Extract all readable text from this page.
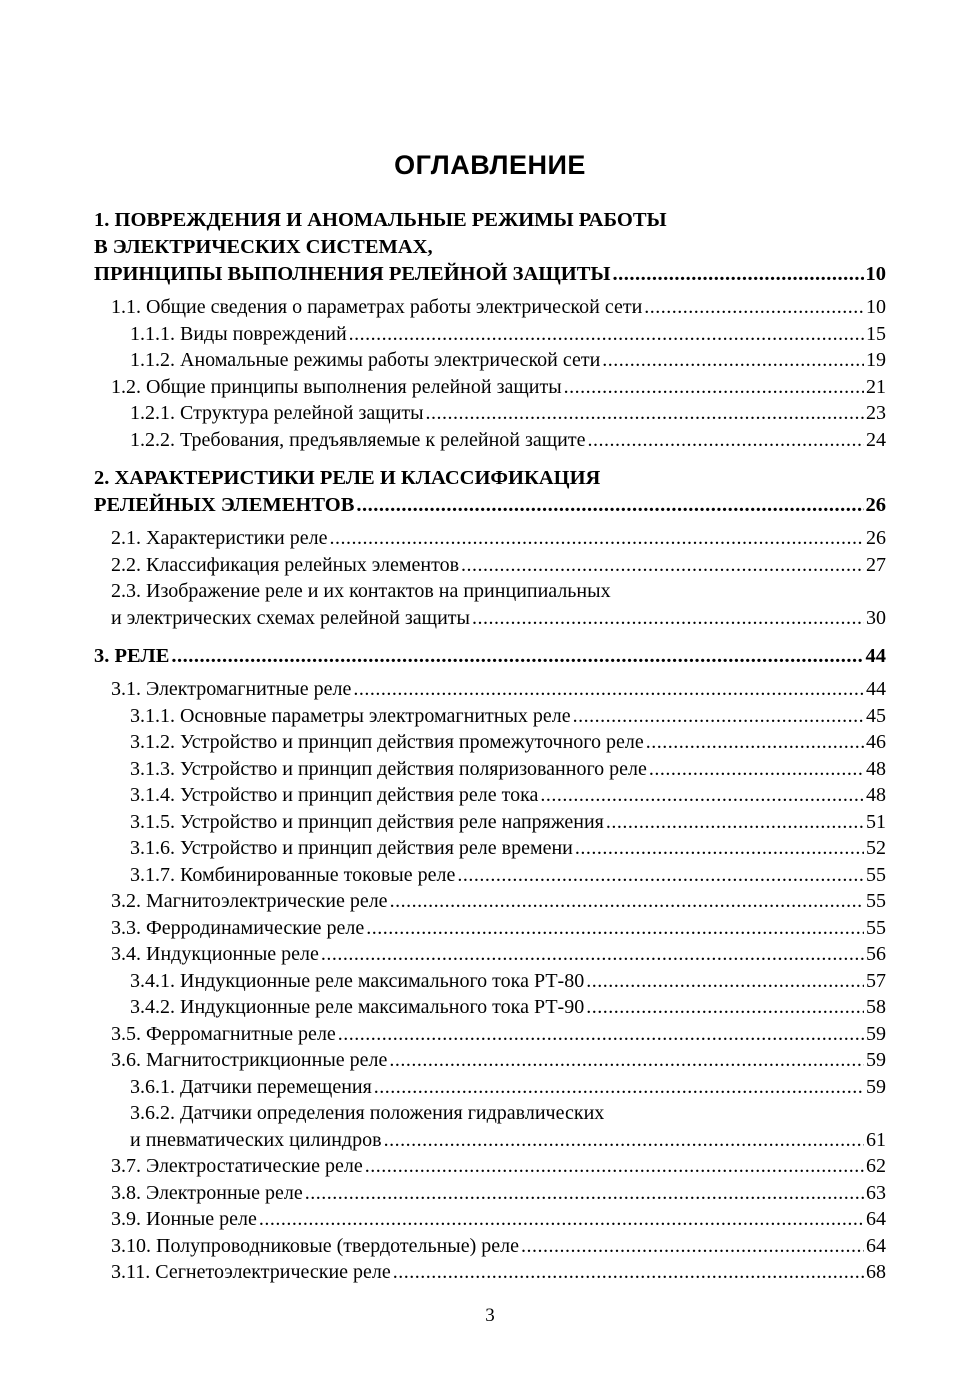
ОГЛАВЛЕНИЕ
1. ПОВРЕЖДЕНИЯ И АНОМАЛЬНЫЕ РЕЖИМЫ РАБОТЫ
В ЭЛЕКТРИЧЕСКИХ СИСТЕМАХ,
ПРИНЦИПЫ ВЫПОЛНЕНИЯ РЕЛЕЙНОЙ ЗАЩИТЫ .....	10
1.1. Общие сведения о параметрах работы электрической сети .....	10
1.1.1. Виды повреждений .....	15
1.1.2. Аномальные режимы работы электрической сети .....	19
1.2. Общие принципы выполнения релейной защиты .....	21
1.2.1. Структура релейной защиты .....	23
1.2.2. Требования, предъявляемые к релейной защите .....	24
2. ХАРАКТЕРИСТИКИ РЕЛЕ И КЛАССИФИКАЦИЯ
РЕЛЕЙНЫХ ЭЛЕМЕНТОВ .....	26
2.1. Характеристики реле .....	26
2.2. Классификация релейных элементов .....	27
2.3. Изображение реле и их контактов на принципиальных
и электрических схемах релейной защиты .....	30
3. РЕЛЕ .....	44
3.1. Электромагнитные реле .....	44
3.1.1. Основные параметры электромагнитных реле .....	45
3.1.2. Устройство и принцип действия промежуточного реле .....	46
3.1.3. Устройство и принцип действия поляризованного реле .....	48
3.1.4. Устройство и принцип действия реле тока .....	48
3.1.5. Устройство и принцип действия реле напряжения .....	51
3.1.6. Устройство и принцип действия реле времени .....	52
3.1.7. Комбинированные токовые реле .....	55
3.2. Магнитоэлектрические реле .....	55
3.3. Ферродинамические реле .....	55
3.4. Индукционные реле .....	56
3.4.1. Индукционные реле максимального тока РТ-80 .....	57
3.4.2. Индукционные реле максимального тока РТ-90 .....	58
3.5. Ферромагнитные реле .....	59
3.6. Магнитострикционные реле .....	59
3.6.1. Датчики перемещения .....	59
3.6.2. Датчики определения положения гидравлических
и пневматических цилиндров .....	61
3.7. Электростатические реле .....	62
3.8. Электронные реле .....	63
3.9. Ионные реле .....	64
3.10. Полупроводниковые (твердотельные) реле .....	64
3.11. Сегнетоэлектрические реле .....	68
3
